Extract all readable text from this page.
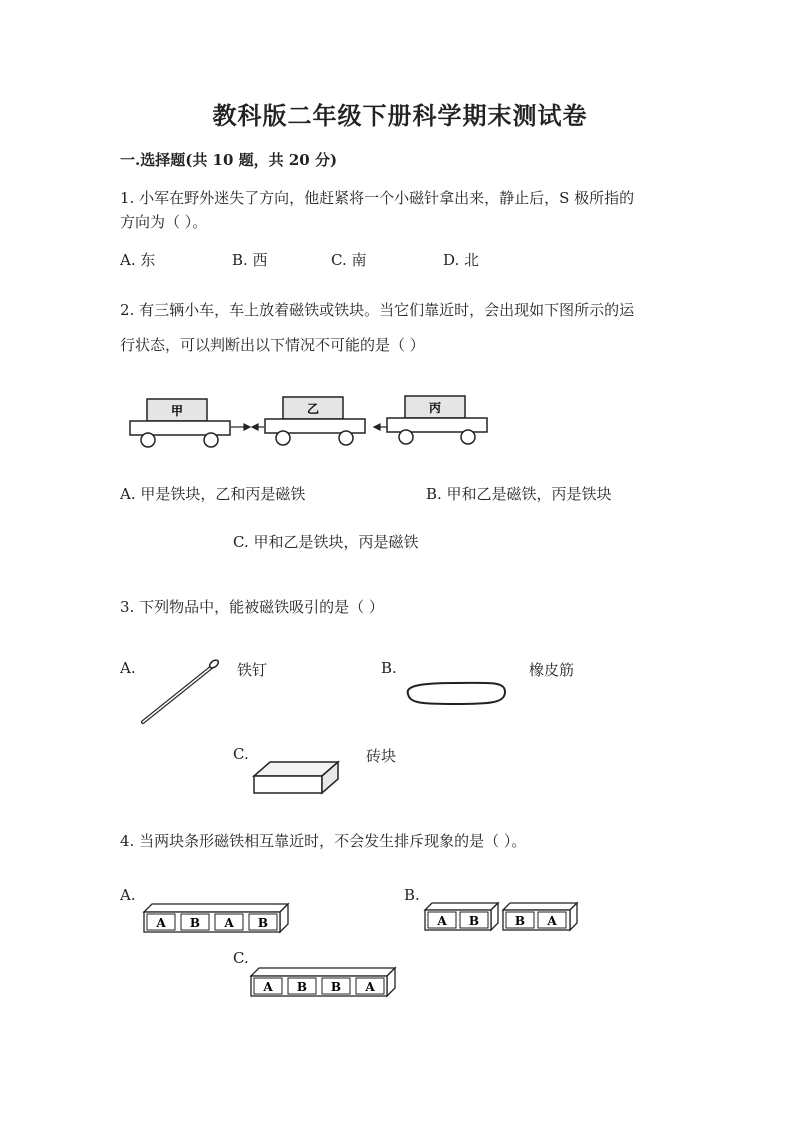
教科版二年级下册科学期末测试卷
一.选择题(共 10 题，共 20 分)
1. 小军在野外迷失了方向，他赶紧将一个小磁针拿出来，静止后，S 极所指的
方向为（ ）。
A. 东	B. 西	C. 南	D. 北
2. 有三辆小车，车上放着磁铁或铁块。当它们靠近时，会出现如下图所示的运
行状态，可以判断出以下情况不可能的是（ ）
甲	乙	丙
A B A B	A B	B A
A B B A
A. 甲是铁块，乙和丙是磁铁	B. 甲和乙是磁铁，丙是铁块
C. 甲和乙是铁块，丙是磁铁
3. 下列物品中，能被磁铁吸引的是（ ）
A.	铁钉	B.	橡皮筋
C.	砖块
4. 当两块条形磁铁相互靠近时，不会发生排斥现象的是（ ）。
A.	B.
C.
